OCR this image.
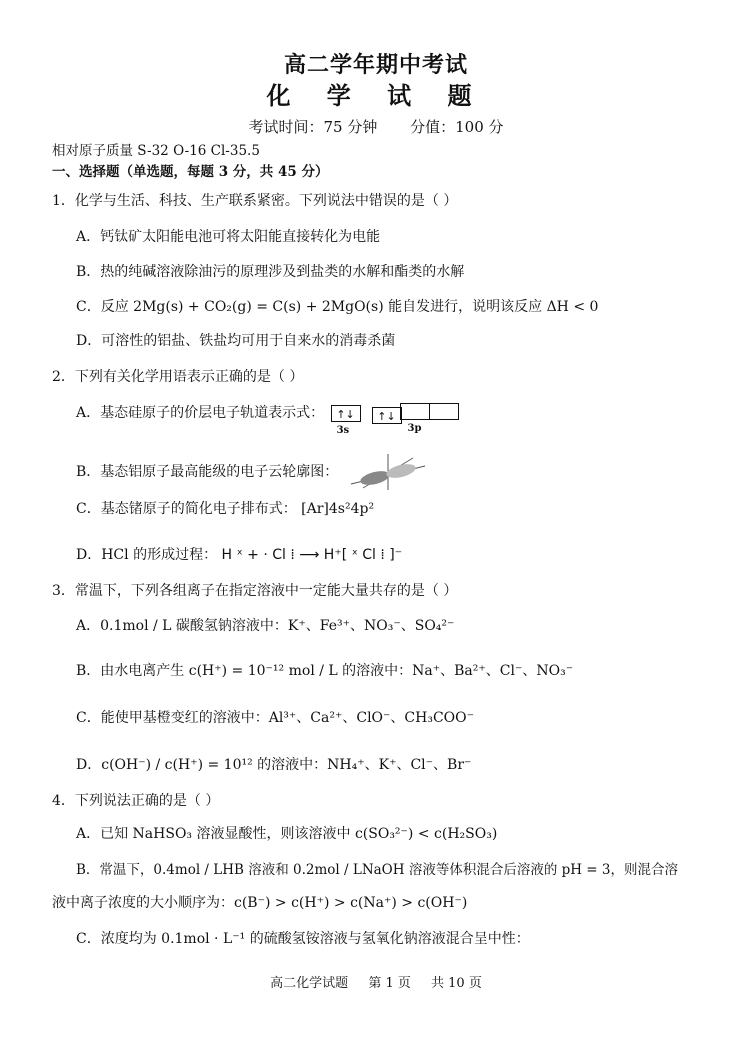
高二学年期中考试
化 学 试 题
考试时间：75 分钟 分值：100 分
相对原子质量 S-32 O-16 Cl-35.5
一、选择题（单选题，每题 3 分，共 45 分）
1．化学与生活、科技、生产联系紧密。下列说法中错误的是（ ）
A．钙钛矿太阳能电池可将太阳能直接转化为电能
B．热的纯碱溶液除油污的原理涉及到盐类的水解和酯类的水解
C．反应 2Mg(s) + CO₂(g) = C(s) + 2MgO(s) 能自发进行，说明该反应 ΔH < 0
D．可溶性的铝盐、铁盐均可用于自来水的消毒杀菌
2．下列有关化学用语表示正确的是（ ）
A．基态硅原子的价层电子轨道表示式： ↑↓
3s
↑↓
3p
B．基态铝原子最高能级的电子云轮廓图：
C．基态锗原子的简化电子排布式： [Ar]4s²4p²
D．HCl 的形成过程： H ˣ + · Cl ⁞ ⟶ H⁺[ ˣ Cl ⁞ ]⁻
3．常温下，下列各组离子在指定溶液中一定能大量共存的是（ ）
A．0.1mol / L 碳酸氢钠溶液中：K⁺、Fe³⁺、NO₃⁻、SO₄²⁻
B．由水电离产生 c(H⁺) = 10⁻¹² mol / L 的溶液中：Na⁺、Ba²⁺、Cl⁻、NO₃⁻
C．能使甲基橙变红的溶液中：Al³⁺、Ca²⁺、ClO⁻、CH₃COO⁻
D．c(OH⁻) / c(H⁺) = 10¹² 的溶液中：NH₄⁺、K⁺、Cl⁻、Br⁻
4．下列说法正确的是（ ）
A．已知 NaHSO₃ 溶液显酸性，则该溶液中 c(SO₃²⁻) < c(H₂SO₃)
B．常温下，0.4mol / LHB 溶液和 0.2mol / LNaOH 溶液等体积混合后溶液的 pH = 3，则混合溶
液中离子浓度的大小顺序为：c(B⁻) > c(H⁺) > c(Na⁺) > c(OH⁻)
C．浓度均为 0.1mol · L⁻¹ 的硫酸氢铵溶液与氢氧化钠溶液混合呈中性：
高二化学试题 第 1 页 共 10 页
